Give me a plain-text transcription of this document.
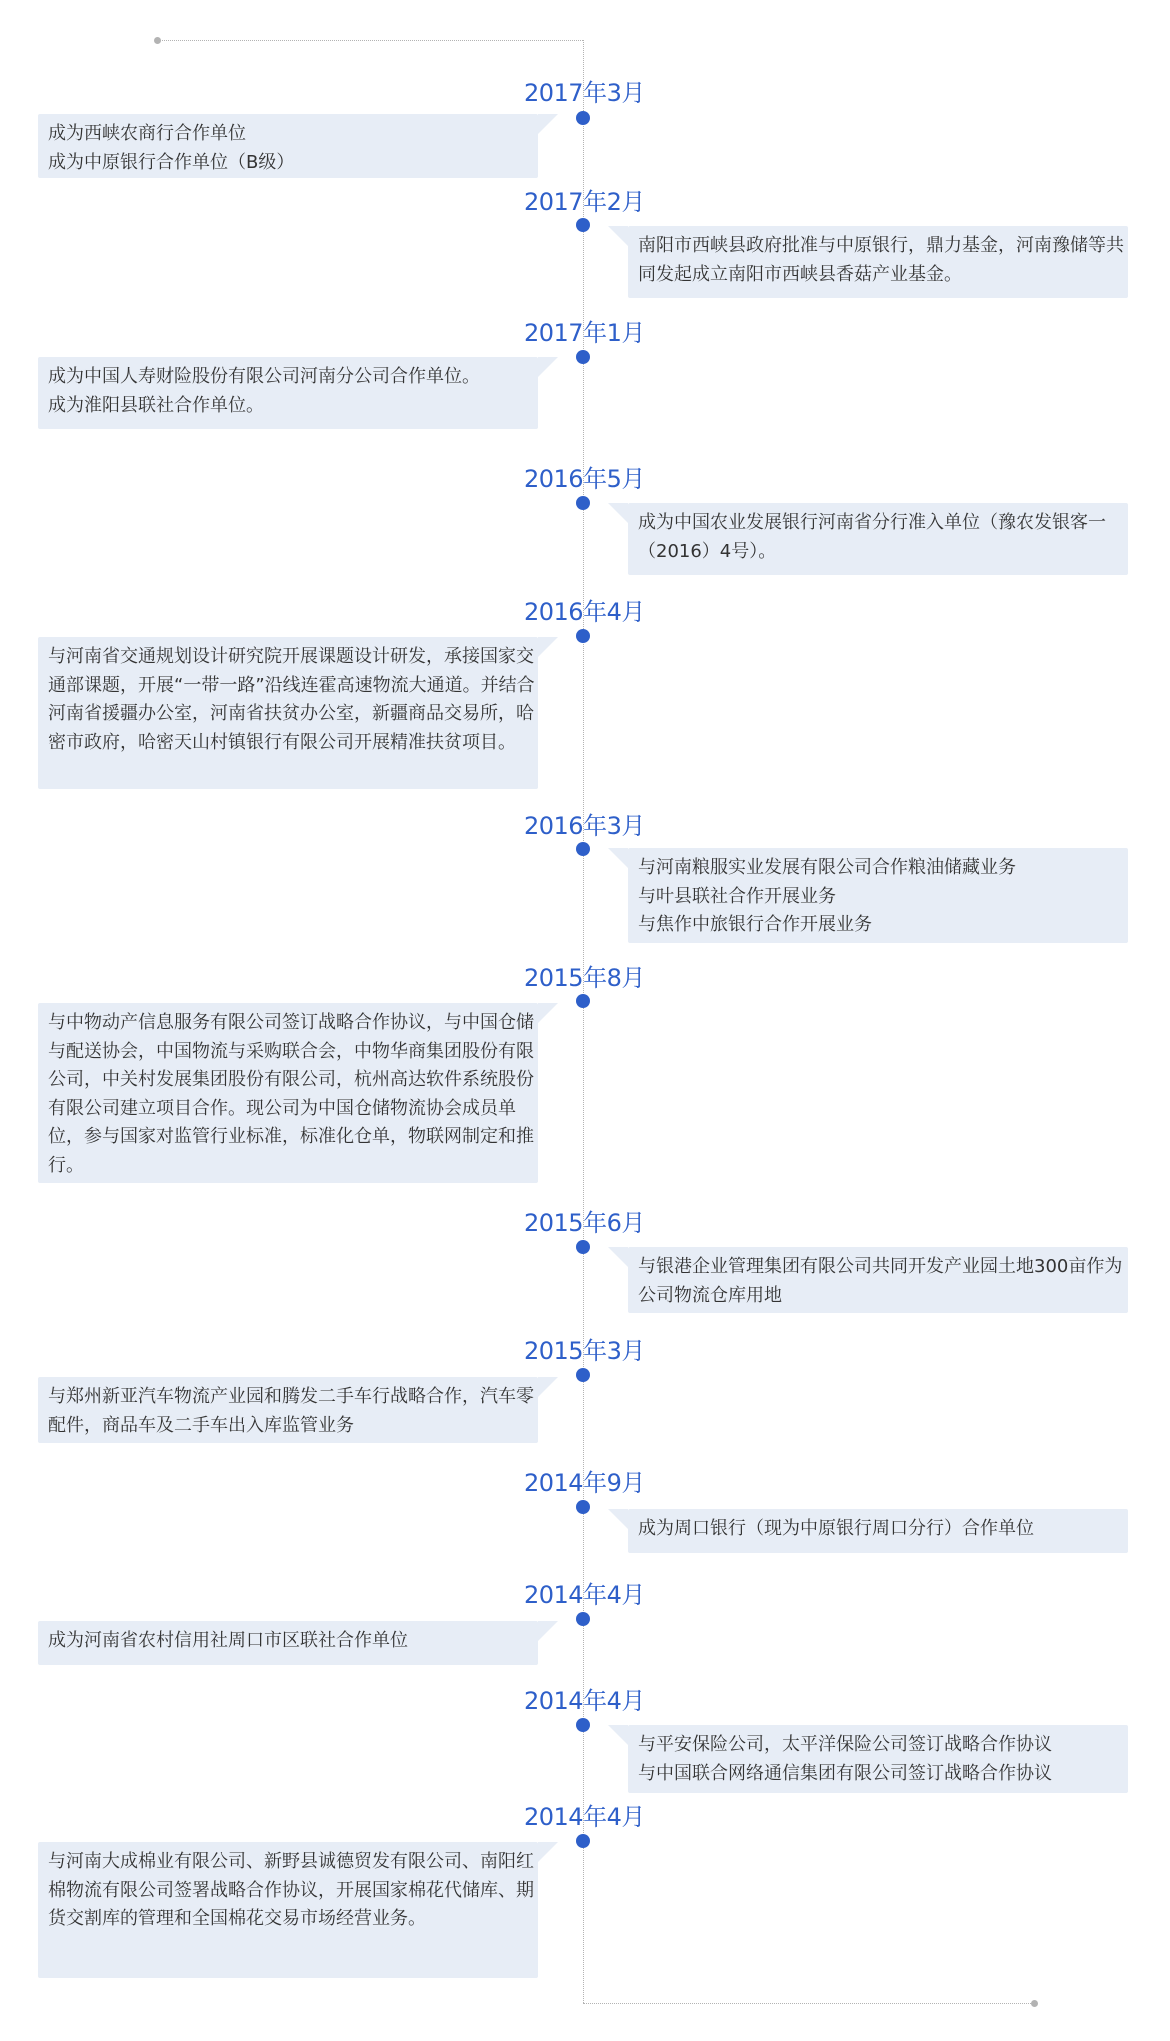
2017年3月
成为西峡农商行合作单位
成为中原银行合作单位（B级）
2017年2月
南阳市西峡县政府批准与中原银行，鼎力基金，河南豫储等共同发起成立南阳市西峡县香菇产业基金。
2017年1月
成为中国人寿财险股份有限公司河南分公司合作单位。
成为淮阳县联社合作单位。
2016年5月
成为中国农业发展银行河南省分行准入单位（豫农发银客一（2016）4号）。
2016年4月
与河南省交通规划设计研究院开展课题设计研发，承接国家交通部课题，开展“一带一路”沿线连霍高速物流大通道。并结合河南省援疆办公室，河南省扶贫办公室，新疆商品交易所，哈密市政府，哈密天山村镇银行有限公司开展精准扶贫项目。
2016年3月
与河南粮服实业发展有限公司合作粮油储藏业务
与叶县联社合作开展业务
与焦作中旅银行合作开展业务
2015年8月
与中物动产信息服务有限公司签订战略合作协议，与中国仓储与配送协会，中国物流与采购联合会，中物华商集团股份有限公司，中关村发展集团股份有限公司，杭州高达软件系统股份有限公司建立项目合作。现公司为中国仓储物流协会成员单位，参与国家对监管行业标准，标准化仓单，物联网制定和推行。
2015年6月
与银港企业管理集团有限公司共同开发产业园土地300亩作为公司物流仓库用地
2015年3月
与郑州新亚汽车物流产业园和腾发二手车行战略合作，汽车零配件，商品车及二手车出入库监管业务
2014年9月
成为周口银行（现为中原银行周口分行）合作单位
2014年4月
成为河南省农村信用社周口市区联社合作单位
2014年4月
与平安保险公司，太平洋保险公司签订战略合作协议
与中国联合网络通信集团有限公司签订战略合作协议
2014年4月
与河南大成棉业有限公司、新野县诚德贸发有限公司、南阳红棉物流有限公司签署战略合作协议，开展国家棉花代储库、期货交割库的管理和全国棉花交易市场经营业务。
